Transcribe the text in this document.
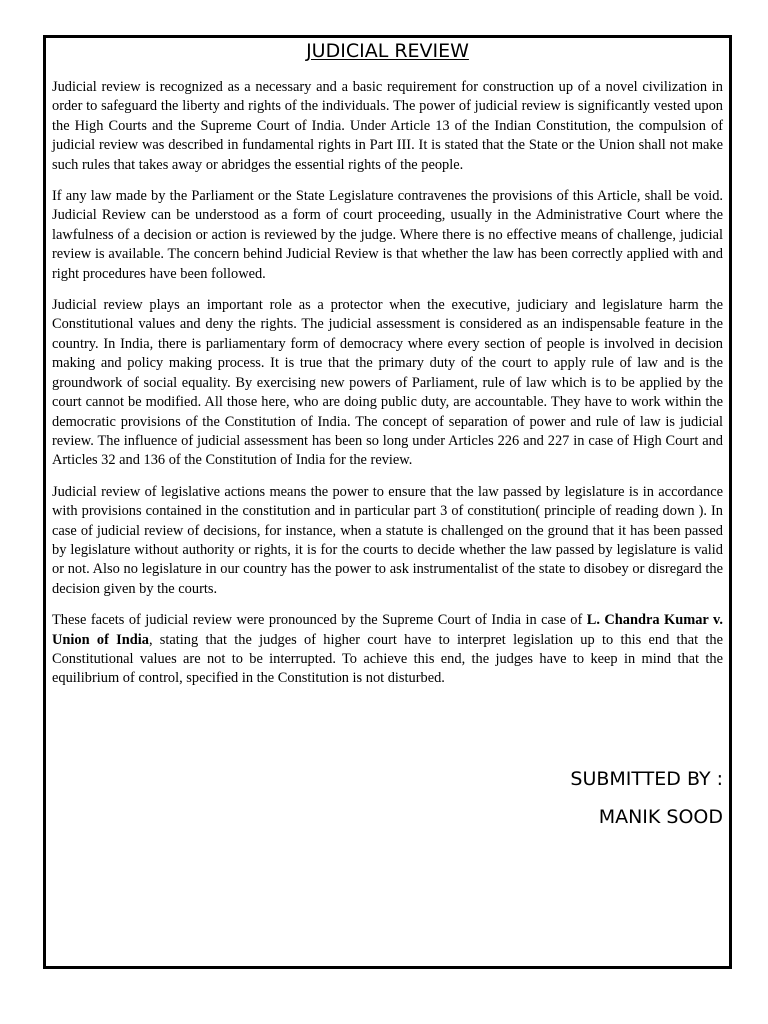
JUDICIAL REVIEW

Judicial review is recognized as a necessary and a basic requirement for construction up of a novel civilization in order to safeguard the liberty and rights of the individuals. The power of judicial review is significantly vested upon the High Courts and the Supreme Court of India. Under Article 13 of the Indian Constitution, the compulsion of judicial review was described in fundamental rights in Part III. It is stated that the State or the Union shall not make such rules that takes away or abridges the essential rights of the people.

If any law made by the Parliament or the State Legislature contravenes the provisions of this Article, shall be void. Judicial Review can be understood as a form of court proceeding, usually in the Administrative Court where the lawfulness of a decision or action is reviewed by the judge. Where there is no effective means of challenge, judicial review is available. The concern behind Judicial Review is that whether the law has been correctly applied with and right procedures have been followed.

Judicial review plays an important role as a protector when the executive, judiciary and legislature harm the Constitutional values and deny the rights. The judicial assessment is considered as an indispensable feature in the country. In India, there is parliamentary form of democracy where every section of people is involved in decision making and policy making process. It is true that the primary duty of the court to apply rule of law and is the groundwork of social equality. By exercising new powers of Parliament, rule of law which is to be applied by the court cannot be modified. All those here, who are doing public duty, are accountable. They have to work within the democratic provisions of the Constitution of India. The concept of separation of power and rule of law is judicial review. The influence of judicial assessment has been so long under Articles 226 and 227 in case of High Court and Articles 32 and 136 of the Constitution of India for the review.

Judicial review of legislative actions means the power to ensure that the law passed by legislature is in accordance with provisions contained in the constitution and in particular part 3 of constitution( principle of reading down ). In case of judicial review of decisions, for instance, when a statute is challenged on the ground that it has been passed by legislature without authority or rights, it is for the courts to decide whether the law passed by legislature is valid or not. Also no legislature in our country has the power to ask instrumentalist of the state to disobey or disregard the decision given by the courts.

These facets of judicial review were pronounced by the Supreme Court of India in case of L. Chandra Kumar v. Union of India, stating that the judges of higher court have to interpret legislation up to this end that the Constitutional values are not to be interrupted. To achieve this end, the judges have to keep in mind that the equilibrium of control, specified in the Constitution is not disturbed.

SUBMITTED BY :
MANIK SOOD
